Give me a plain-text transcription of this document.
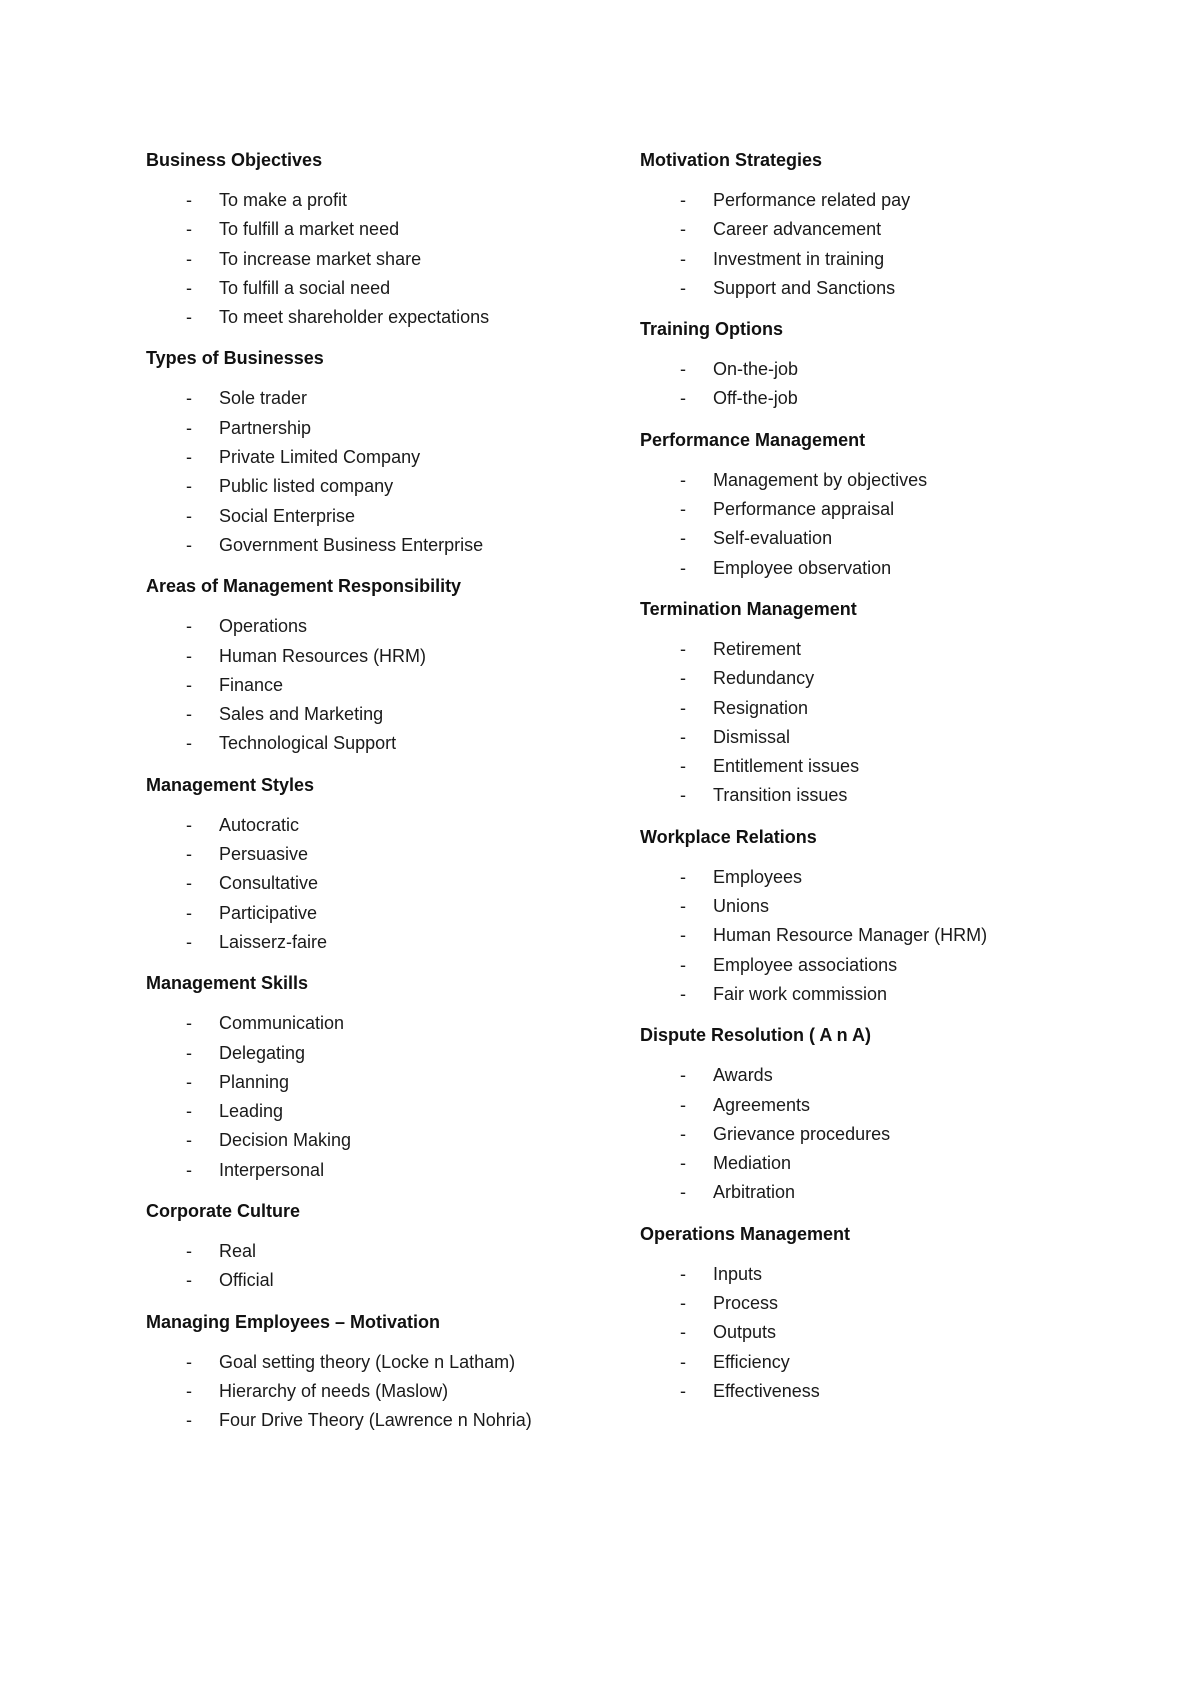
Business Objectives
- To make a profit
- To fulfill a market need
- To increase market share
- To fulfill a social need
- To meet shareholder expectations
Types of Businesses
- Sole trader
- Partnership
- Private Limited Company
- Public listed company
- Social Enterprise
- Government Business Enterprise
Areas of Management Responsibility
- Operations
- Human Resources (HRM)
- Finance
- Sales and Marketing
- Technological Support
Management Styles
- Autocratic
- Persuasive
- Consultative
- Participative
- Laisserz-faire
Management Skills
- Communication
- Delegating
- Planning
- Leading
- Decision Making
- Interpersonal
Corporate Culture
- Real
- Official
Managing Employees – Motivation
- Goal setting theory (Locke n Latham)
- Hierarchy of needs (Maslow)
- Four Drive Theory (Lawrence n Nohria)
Motivation Strategies
- Performance related pay
- Career advancement
- Investment in training
- Support and Sanctions
Training Options
- On-the-job
- Off-the-job
Performance Management
- Management by objectives
- Performance appraisal
- Self-evaluation
- Employee observation
Termination Management
- Retirement
- Redundancy
- Resignation
- Dismissal
- Entitlement issues
- Transition issues
Workplace Relations
- Employees
- Unions
- Human Resource Manager (HRM)
- Employee associations
- Fair work commission
Dispute Resolution ( A n A)
- Awards
- Agreements
- Grievance procedures
- Mediation
- Arbitration
Operations Management
- Inputs
- Process
- Outputs
- Efficiency
- Effectiveness
